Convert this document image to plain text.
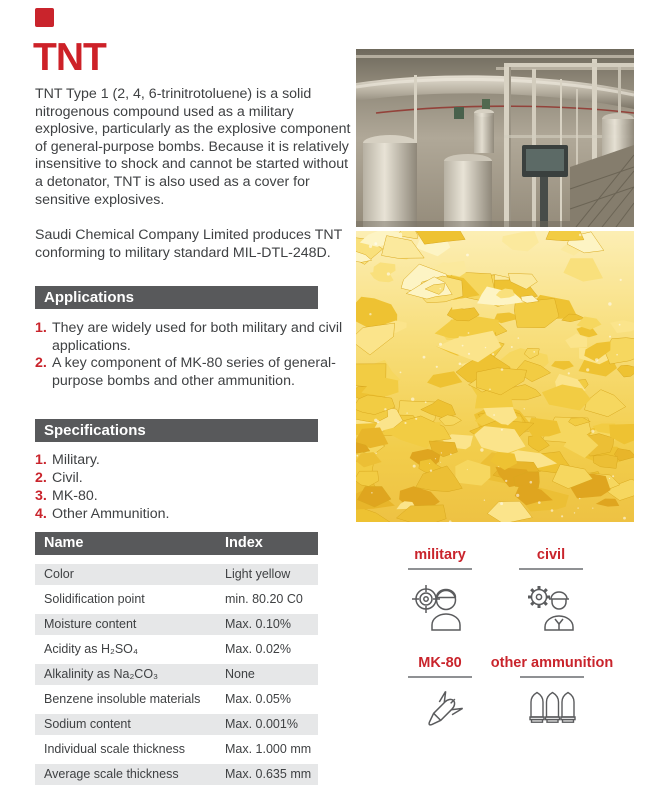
TNT
TNT Type 1 (2, 4, 6-trinitrotoluene) is a solid nitrogenous compound used as a military explosive, particularly as the explosive component of general-purpose bombs. Because it is relatively insensitive to shock and cannot be started without a detonator, TNT is also used as a cover for sensitive explosives.
Saudi Chemical Company Limited produces TNT conforming to military standard MIL-DTL-248D.
Applications
1. They are widely used for both military and civil applications.
2. A key component of MK-80 series of general-purpose bombs and other ammunition.
Specifications
1. Military.
2. Civil.
3. MK-80.
4. Other Ammunition.
Name	Index
Color	Light yellow
Solidification point	min. 80.20 C0
Moisture content	Max. 0.10%
Acidity as H₂SO₄	Max. 0.02%
Alkalinity as Na₂CO₃	None
Benzene insoluble materials Max. 0.05%
Sodium content	Max. 0.001%
Individual scale thickness	Max. 1.000 mm
Average scale thickness	Max. 0.635 mm
military	civil
MK-80	other ammunition
